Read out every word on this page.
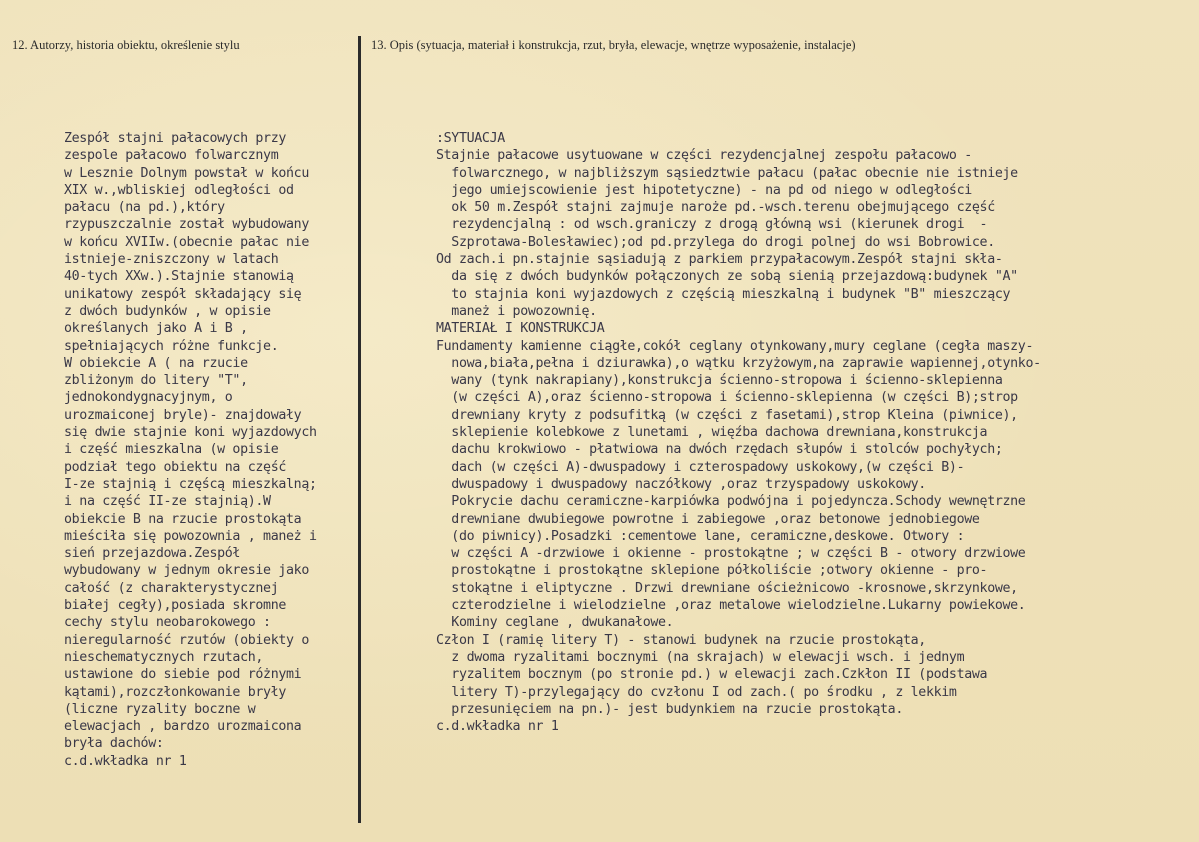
12. Autorzy, historia obiektu, określenie stylu	13. Opis (sytuacja, materiał i konstrukcja, rzut, bryła, elewacje, wnętrze wyposażenie, instalacje)
Zespół stajni pałacowych przy
zespole pałacowo folwarcznym
w Lesznie Dolnym powstał w końcu
XIX w.,wbliskiej odległości od
pałacu (na pd.),który
rzypuszczalnie został wybudowany
w końcu XVIIw.(obecnie pałac nie
istnieje-zniszczony w latach
40-tych XXw.).Stajnie stanowią
unikatowy zespół składający się
z dwóch budynków , w opisie
określanych jako A i B ,
spełniających różne funkcje.
W obiekcie A ( na rzucie
zbliżonym do litery "T",
jednokondygnacyjnym, o
urozmaiconej bryle)- znajdowały
się dwie stajnie koni wyjazdowych
i część mieszkalna (w opisie
podział tego obiektu na część
I-ze stajnią i częścą mieszkalną;
i na część II-ze stajnią).W
obiekcie B na rzucie prostokąta
mieściła się powozownia , maneż i
sień przejazdowa.Zespół
wybudowany w jednym okresie jako
całość (z charakterystycznej
białej cegły),posiada skromne
cechy stylu neobarokowego :
nieregularność rzutów (obiekty o
nieschematycznych rzutach,
ustawione do siebie pod różnymi
kątami),rozczłonkowanie bryły
(liczne ryzality boczne w
elewacjach , bardzo urozmaicona
bryła dachów:
c.d.wkładka nr 1
:SYTUACJA
Stajnie pałacowe usytuowane w części rezydencjalnej zespołu pałacowo -
folwarcznego, w najbliższym sąsiedztwie pałacu (pałac obecnie nie istnieje
jego umiejscowienie jest hipotetyczne) - na pd od niego w odległości
ok 50 m.Zespół stajni zajmuje naroże pd.-wsch.terenu obejmującego część
rezydencjalną : od wsch.graniczy z drogą główną wsi (kierunek drogi  -
Szprotawa-Bolesławiec);od pd.przylega do drogi polnej do wsi Bobrowice.
Od zach.i pn.stajnie sąsiadują z parkiem przypałacowym.Zespół stajni skła-
da się z dwóch budynków połączonych ze sobą sienią przejazdową:budynek "A"
to stajnia koni wyjazdowych z częścią mieszkalną i budynek "B" mieszczący
maneż i powozownię.
MATERIAŁ I KONSTRUKCJA
Fundamenty kamienne ciągłe,cokół ceglany otynkowany,mury ceglane (cegła maszy-
nowa,biała,pełna i dziurawka),o wątku krzyżowym,na zaprawie wapiennej,otynko-
wany (tynk nakrapiany),konstrukcja ścienno-stropowa i ścienno-sklepienna
(w części A),oraz ścienno-stropowa i ścienno-sklepienna (w części B);strop
drewniany kryty z podsufitką (w części z fasetami),strop Kleina (piwnice),
sklepienie kolebkowe z lunetami , więźba dachowa drewniana,konstrukcja
dachu krokwiowo - płatwiowa na dwóch rzędach słupów i stolców pochyłych;
dach (w części A)-dwuspadowy i czterospadowy uskokowy,(w części B)-
dwuspadowy i dwuspadowy naczółkowy ,oraz trzyspadowy uskokowy.
Pokrycie dachu ceramiczne-karpiówka podwójna i pojedyncza.Schody wewnętrzne
drewniane dwubiegowe powrotne i zabiegowe ,oraz betonowe jednobiegowe
(do piwnicy).Posadzki :cementowe lane, ceramiczne,deskowe. Otwory :
w części A -drzwiowe i okienne - prostokątne ; w części B - otwory drzwiowe
prostokątne i prostokątne sklepione półkoliście ;otwory okienne - pro-
stokątne i eliptyczne . Drzwi drewniane ościeżnicowo -krosnowe,skrzynkowe,
czterodzielne i wielodzielne ,oraz metalowe wielodzielne.Lukarny powiekowe.
Kominy ceglane , dwukanałowe.
Człon I (ramię litery T) - stanowi budynek na rzucie prostokąta,
z dwoma ryzalitami bocznymi (na skrajach) w elewacji wsch. i jednym
ryzalitem bocznym (po stronie pd.) w elewacji zach.Czkłon II (podstawa
litery T)-przylegający do cvzłonu I od zach.( po środku , z lekkim
przesunięciem na pn.)- jest budynkiem na rzucie prostokąta.
c.d.wkładka nr 1
